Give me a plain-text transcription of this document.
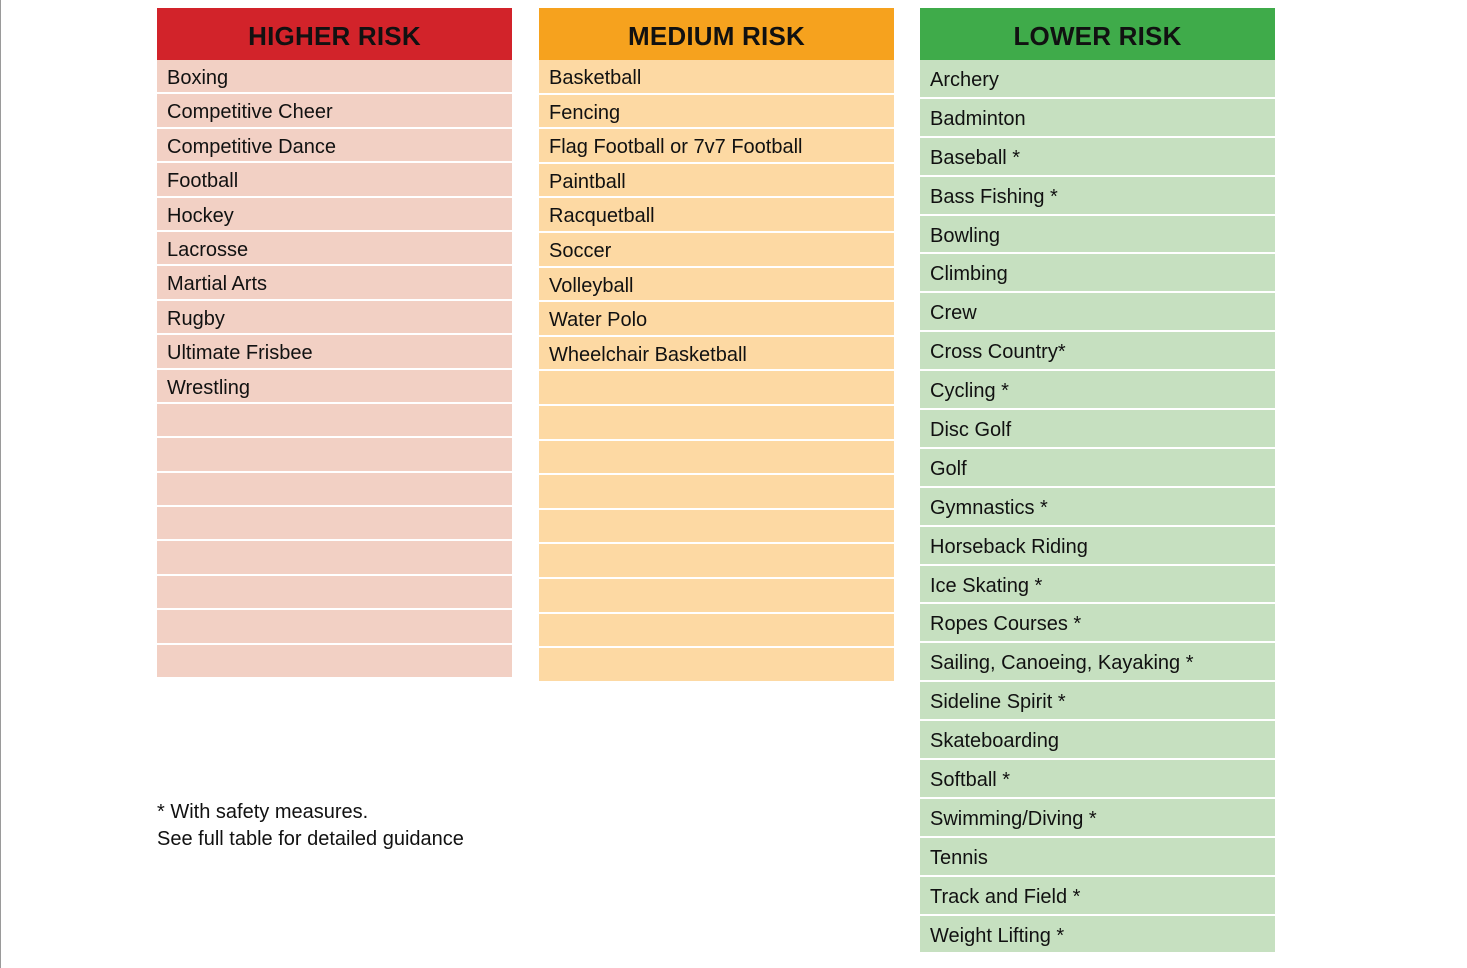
HIGHER RISK
Boxing
Competitive Cheer
Competitive Dance
Football
Hockey
Lacrosse
Martial Arts
Rugby
Ultimate Frisbee
Wrestling
MEDIUM RISK
Basketball
Fencing
Flag Football or 7v7 Football
Paintball
Racquetball
Soccer
Volleyball
Water Polo
Wheelchair Basketball
LOWER RISK
Archery
Badminton
Baseball *
Bass Fishing *
Bowling
Climbing
Crew
Cross Country*
Cycling *
Disc Golf
Golf
Gymnastics *
Horseback Riding
Ice Skating *
Ropes Courses *
Sailing, Canoeing, Kayaking *
Sideline Spirit *
Skateboarding
Softball *
Swimming/Diving *
Tennis
Track and Field *
Weight Lifting *
* With safety measures.
See full table for detailed guidance
